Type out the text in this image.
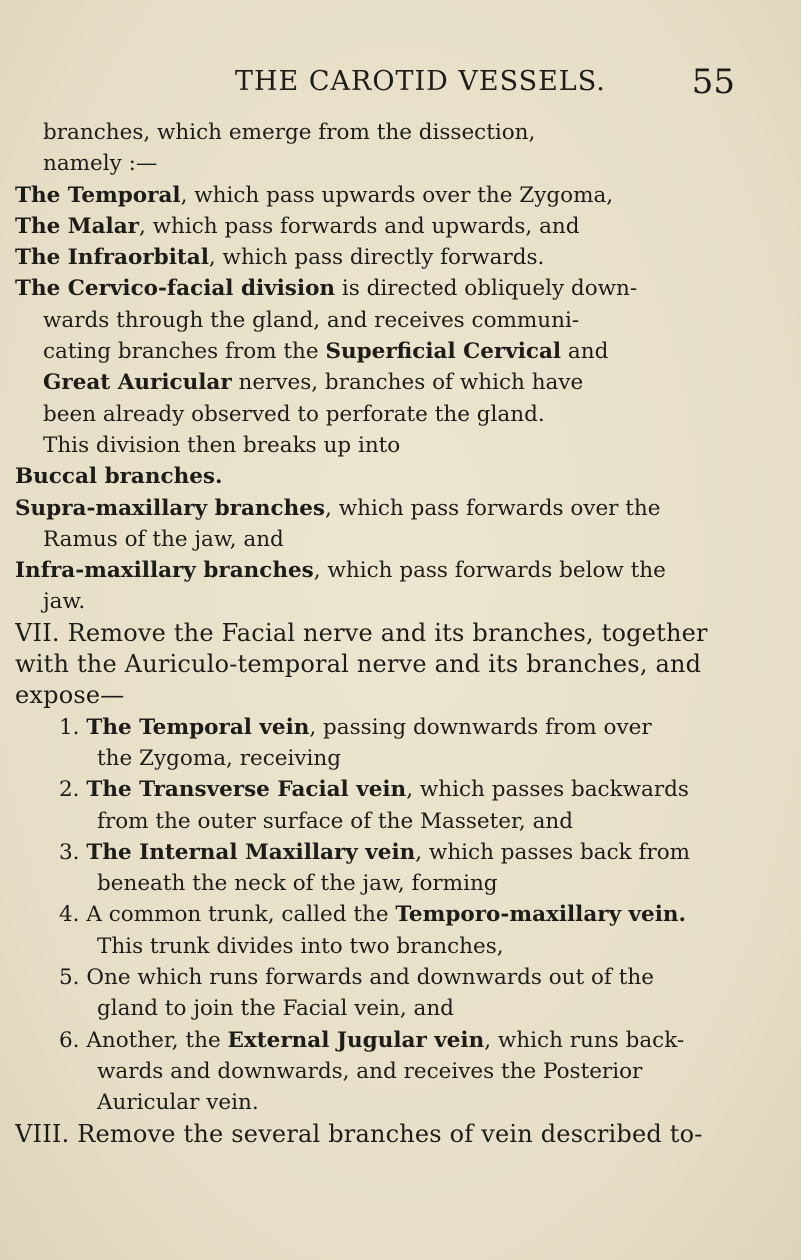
THE CAROTID VESSELS.	55
branches, which emerge from the dissection,
namely :—
The Temporal, which pass upwards over the Zygoma,
The Malar, which pass forwards and upwards, and
The Infraorbital, which pass directly forwards.
The Cervico-facial division is directed obliquely down-
wards through the gland, and receives communi-
cating branches from the Superficial Cervical and
Great Auricular nerves, branches of which have
been already observed to perforate the gland.
This division then breaks up into
Buccal branches.
Supra-maxillary branches, which pass forwards over the
Ramus of the jaw, and
Infra-maxillary branches, which pass forwards below the
jaw.
VII. Remove the Facial nerve and its branches, together
with the Auriculo-temporal nerve and its branches, and
expose—
1. The Temporal vein, passing downwards from over
the Zygoma, receiving
2. The Transverse Facial vein, which passes backwards
from the outer surface of the Masseter, and
3. The Internal Maxillary vein, which passes back from
beneath the neck of the jaw, forming
4. A common trunk, called the Temporo-maxillary vein.
This trunk divides into two branches,
5. One which runs forwards and downwards out of the
gland to join the Facial vein, and
6. Another, the External Jugular vein, which runs back-
wards and downwards, and receives the Posterior
Auricular vein.
VIII. Remove the several branches of vein described to-
